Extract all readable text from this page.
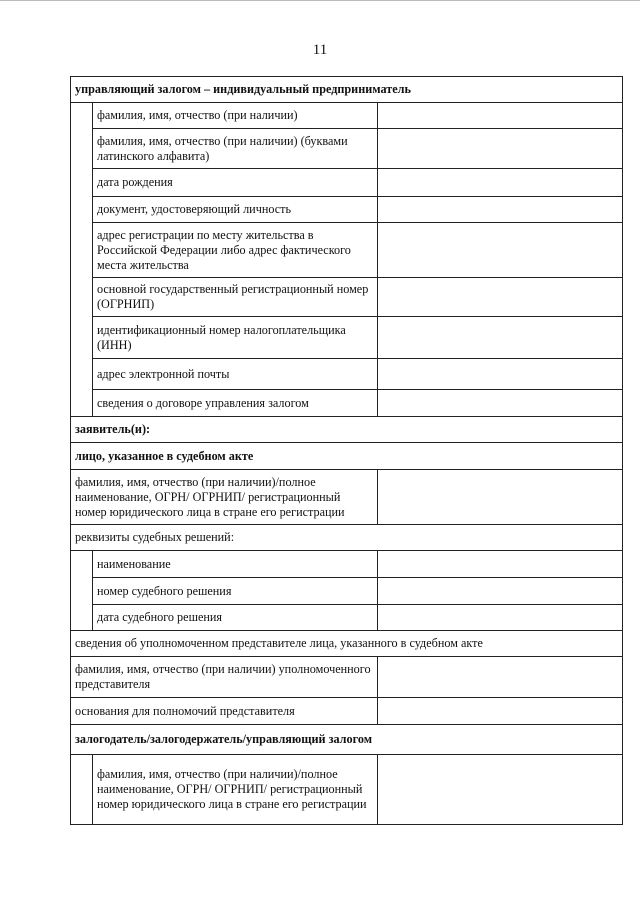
11
управляющий залогом – индивидуальный предприниматель		
	фамилия, имя, отчество (при наличии)	
	фамилия, имя, отчество (при наличии) (буквами латинского алфавита)	
	дата рождения	
	документ, удостоверяющий личность	
	адрес регистрации по месту жительства в Российской Федерации либо адрес фактического места жительства	
	основной государственный регистрационный номер (ОГРНИП)	
	идентификационный номер налогоплательщика (ИНН)	
	адрес электронной почты	
	сведения о договоре управления залогом	
заявитель(и):		
лицо, указанное в судебном акте		
фамилия, имя, отчество (при наличии)/полное наименование, ОГРН/ ОГРНИП/ регистрационный номер юридического лица в стране его регистрации		
реквизиты судебных решений:		
	наименование	
	номер судебного решения	
	дата судебного решения	
сведения об уполномоченном представителе лица, указанного в судебном акте		
фамилия, имя, отчество (при наличии) уполномоченного представителя		
основания для полномочий представителя		
залогодатель/залогодержатель/управляющий залогом		
	фамилия, имя, отчество (при наличии)/полное наименование, ОГРН/ ОГРНИП/ регистрационный номер юридического лица в стране его регистрации	
